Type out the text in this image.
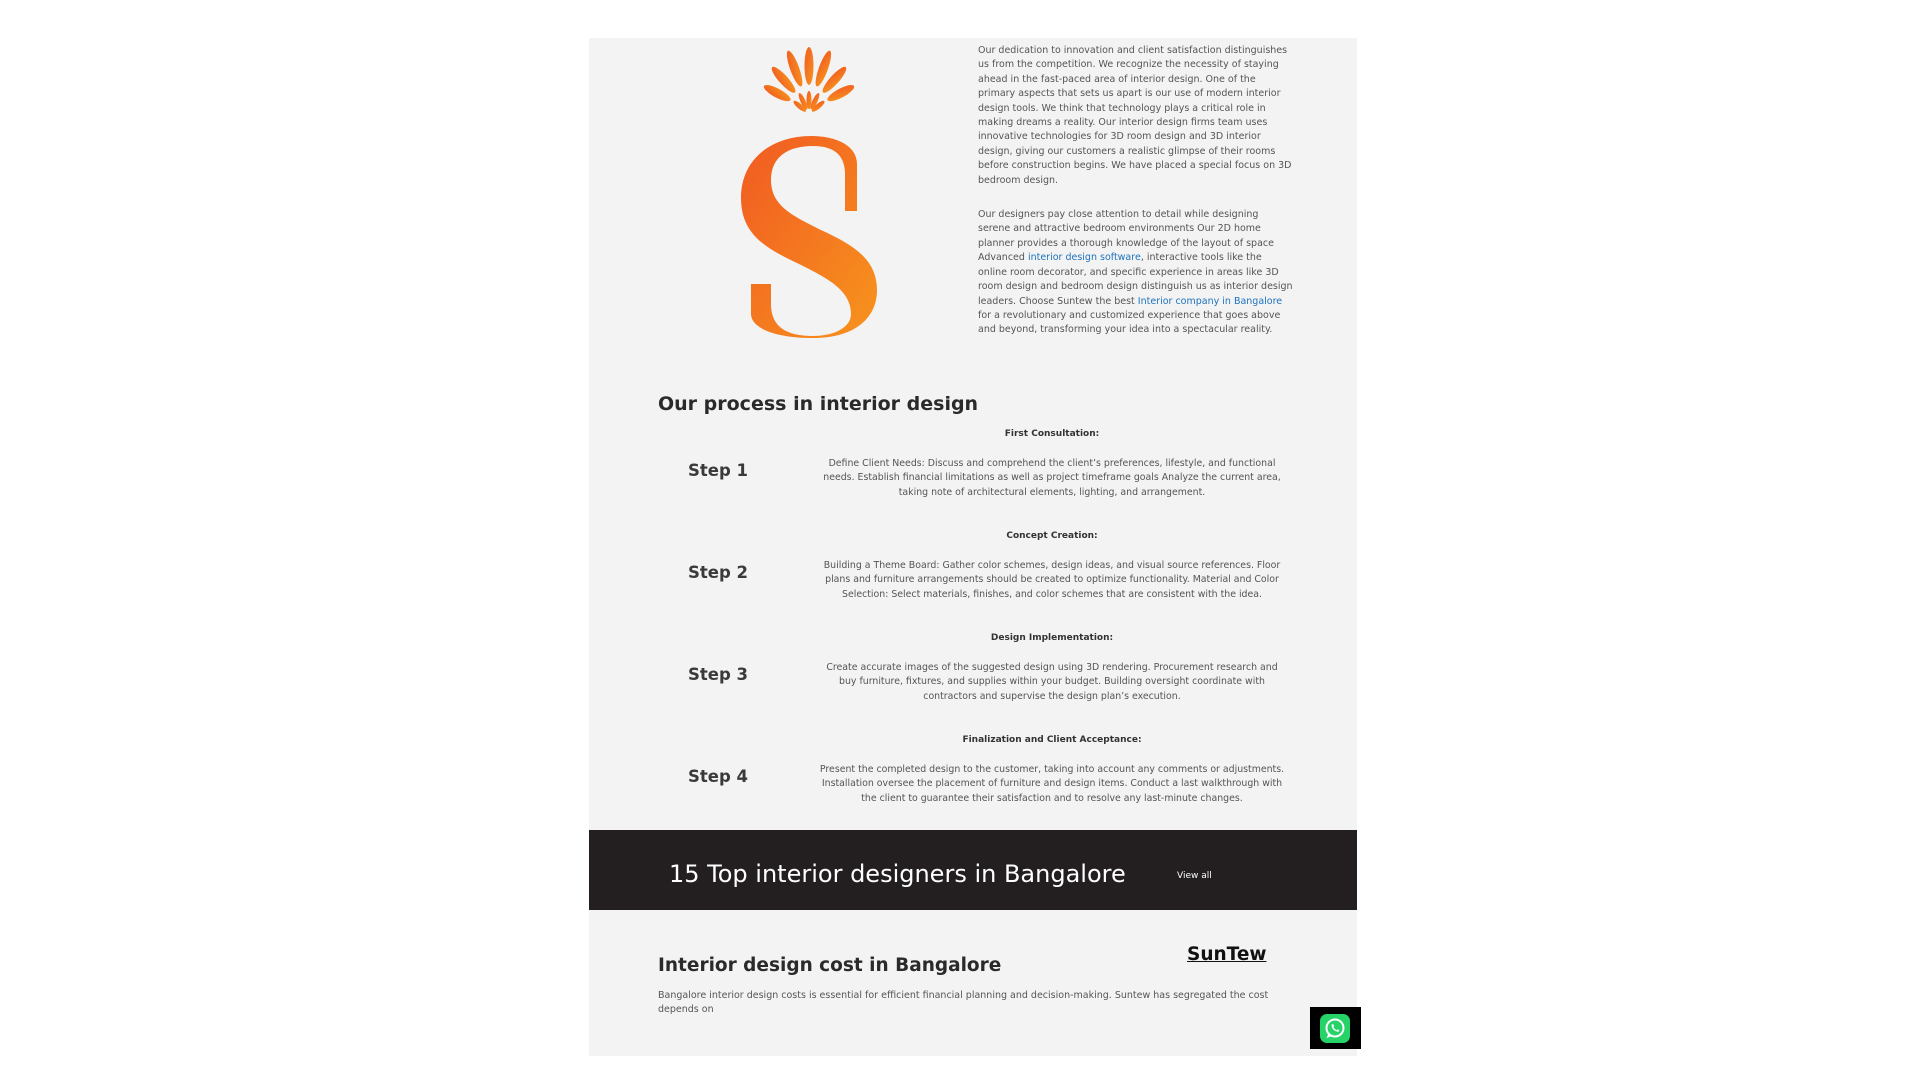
Our dedication to innovation and client satisfaction distinguishes us from the competition. We recognize the necessity of staying ahead in the fast-paced area of interior design. One of the primary aspects that sets us apart is our use of modern interior design tools. We think that technology plays a critical role in making dreams a reality. Our interior design firms team uses innovative technologies for 3D room design and 3D interior design, giving our customers a realistic glimpse of their rooms before construction begins. We have placed a special focus on 3D bedroom design.

Our designers pay close attention to detail while designing serene and attractive bedroom environments Our 2D home planner provides a thorough knowledge of the layout of space Advanced interior design software, interactive tools like the online room decorator, and specific experience in areas like 3D room design and bedroom design distinguish us as interior design leaders. Choose Suntew the best Interior company in Bangalore for a revolutionary and customized experience that goes above and beyond, transforming your idea into a spectacular reality.

Our process in interior design
Step 1
First Consultation:
Define Client Needs: Discuss and comprehend the client’s preferences, lifestyle, and functional needs. Establish financial limitations as well as project timeframe goals Analyze the current area, taking note of architectural elements, lighting, and arrangement.
Step 2
Concept Creation:
Building a Theme Board: Gather color schemes, design ideas, and visual source references. Floor plans and furniture arrangements should be created to optimize functionality. Material and Color Selection: Select materials, finishes, and color schemes that are consistent with the idea.
Step 3
Design Implementation:
Create accurate images of the suggested design using 3D rendering. Procurement research and buy furniture, fixtures, and supplies within your budget. Building oversight coordinate with contractors and supervise the design plan’s execution.
Step 4
Finalization and Client Acceptance:
Present the completed design to the customer, taking into account any comments or adjustments. Installation oversee the placement of furniture and design items. Conduct a last walkthrough with the client to guarantee their satisfaction and to resolve any last-minute changes.
15 Top interior designers in Bangalore	View all
Interior design cost in Bangalore
SunTew
Bangalore interior design costs is essential for efficient financial planning and decision-making. Suntew has segregated the cost depends on
